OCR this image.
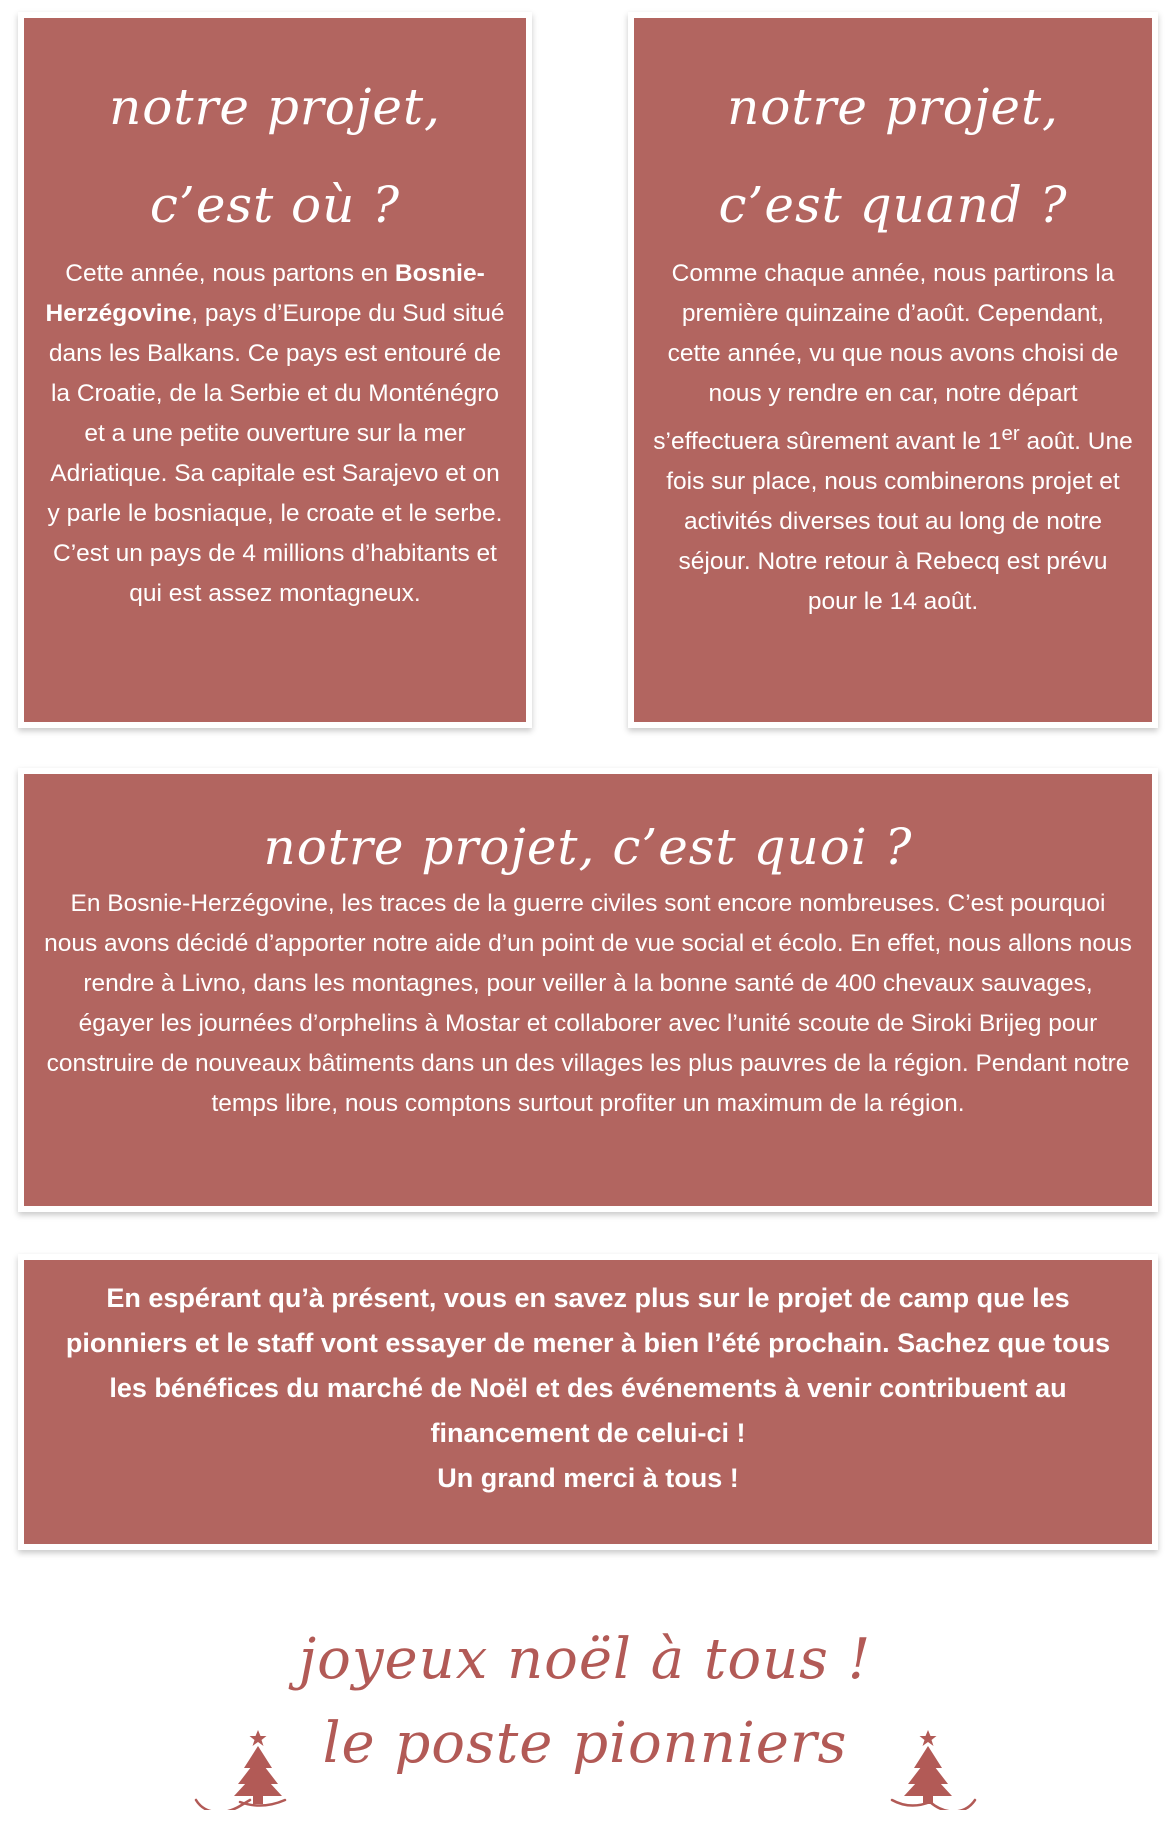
notre projet,
c’est où ?

Cette année, nous partons en Bosnie-Herzégovine, pays d’Europe du Sud situé dans les Balkans. Ce pays est entouré de la Croatie, de la Serbie et du Monténégro et a une petite ouverture sur la mer Adriatique. Sa capitale est Sarajevo et on y parle le bosniaque, le croate et le serbe. C’est un pays de 4 millions d’habitants et qui est assez montagneux.

notre projet,
c’est quand ?

Comme chaque année, nous partirons la première quinzaine d’août. Cependant, cette année, vu que nous avons choisi de nous y rendre en car, notre départ s’effectuera sûrement avant le 1er août. Une fois sur place, nous combinerons projet et activités diverses tout au long de notre séjour. Notre retour à Rebecq est prévu pour le 14 août.

notre projet, c’est quoi ?

En Bosnie-Herzégovine, les traces de la guerre civiles sont encore nombreuses. C’est pourquoi nous avons décidé d’apporter notre aide d’un point de vue social et écolo. En effet, nous allons nous rendre à Livno, dans les montagnes, pour veiller à la bonne santé de 400 chevaux sauvages, égayer les journées d’orphelins à Mostar et collaborer avec l’unité scoute de Siroki Brijeg pour construire de nouveaux bâtiments dans un des villages les plus pauvres de la région. Pendant notre temps libre, nous comptons surtout profiter un maximum de la région.

En espérant qu’à présent, vous en savez plus sur le projet de camp que les pionniers et le staff vont essayer de mener à bien l’été prochain. Sachez que tous les bénéfices du marché de Noël et des événements à venir contribuent au financement de celui-ci !

Un grand merci à tous !

joyeux noël à tous !
le poste pionniers
